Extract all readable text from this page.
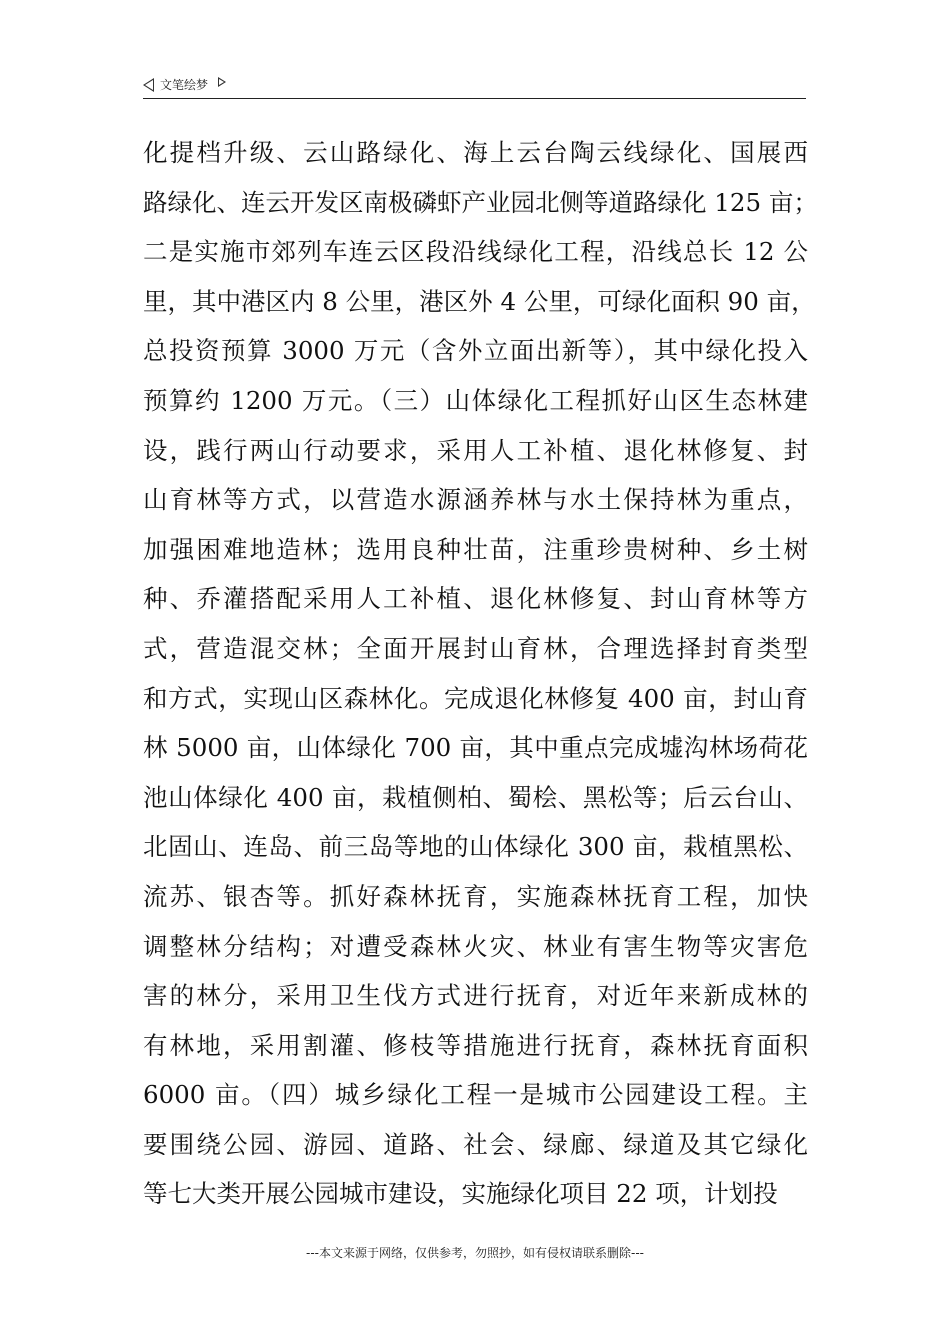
文笔绘梦
化提档升级、云山路绿化、海上云台陶云线绿化、国展西
路绿化、连云开发区南极磷虾产业园北侧等道路绿化 125 亩；
二是实施市郊列车连云区段沿线绿化工程，沿线总长 12 公
里，其中港区内 8 公里，港区外 4 公里，可绿化面积 90 亩，
总投资预算 3000 万元（含外立面出新等），其中绿化投入
预算约 1200 万元。（三）山体绿化工程抓好山区生态林建
设，践行两山行动要求，采用人工补植、退化林修复、封
山育林等方式，以营造水源涵养林与水土保持林为重点，
加强困难地造林；选用良种壮苗，注重珍贵树种、乡土树
种、乔灌搭配采用人工补植、退化林修复、封山育林等方
式，营造混交林；全面开展封山育林，合理选择封育类型
和方式，实现山区森林化。完成退化林修复 400 亩，封山育
林 5000 亩，山体绿化 700 亩，其中重点完成墟沟林场荷花
池山体绿化 400 亩，栽植侧柏、蜀桧、黑松等；后云台山、
北固山、连岛、前三岛等地的山体绿化 300 亩，栽植黑松、
流苏、银杏等。抓好森林抚育，实施森林抚育工程，加快
调整林分结构；对遭受森林火灾、林业有害生物等灾害危
害的林分，采用卫生伐方式进行抚育，对近年来新成林的
有林地，采用割灌、修枝等措施进行抚育，森林抚育面积
6000 亩。（四）城乡绿化工程一是城市公园建设工程。主
要围绕公园、游园、道路、社会、绿廊、绿道及其它绿化
等七大类开展公园城市建设，实施绿化项目 22 项，计划投
---本文来源于网络，仅供参考，勿照抄，如有侵权请联系删除---
